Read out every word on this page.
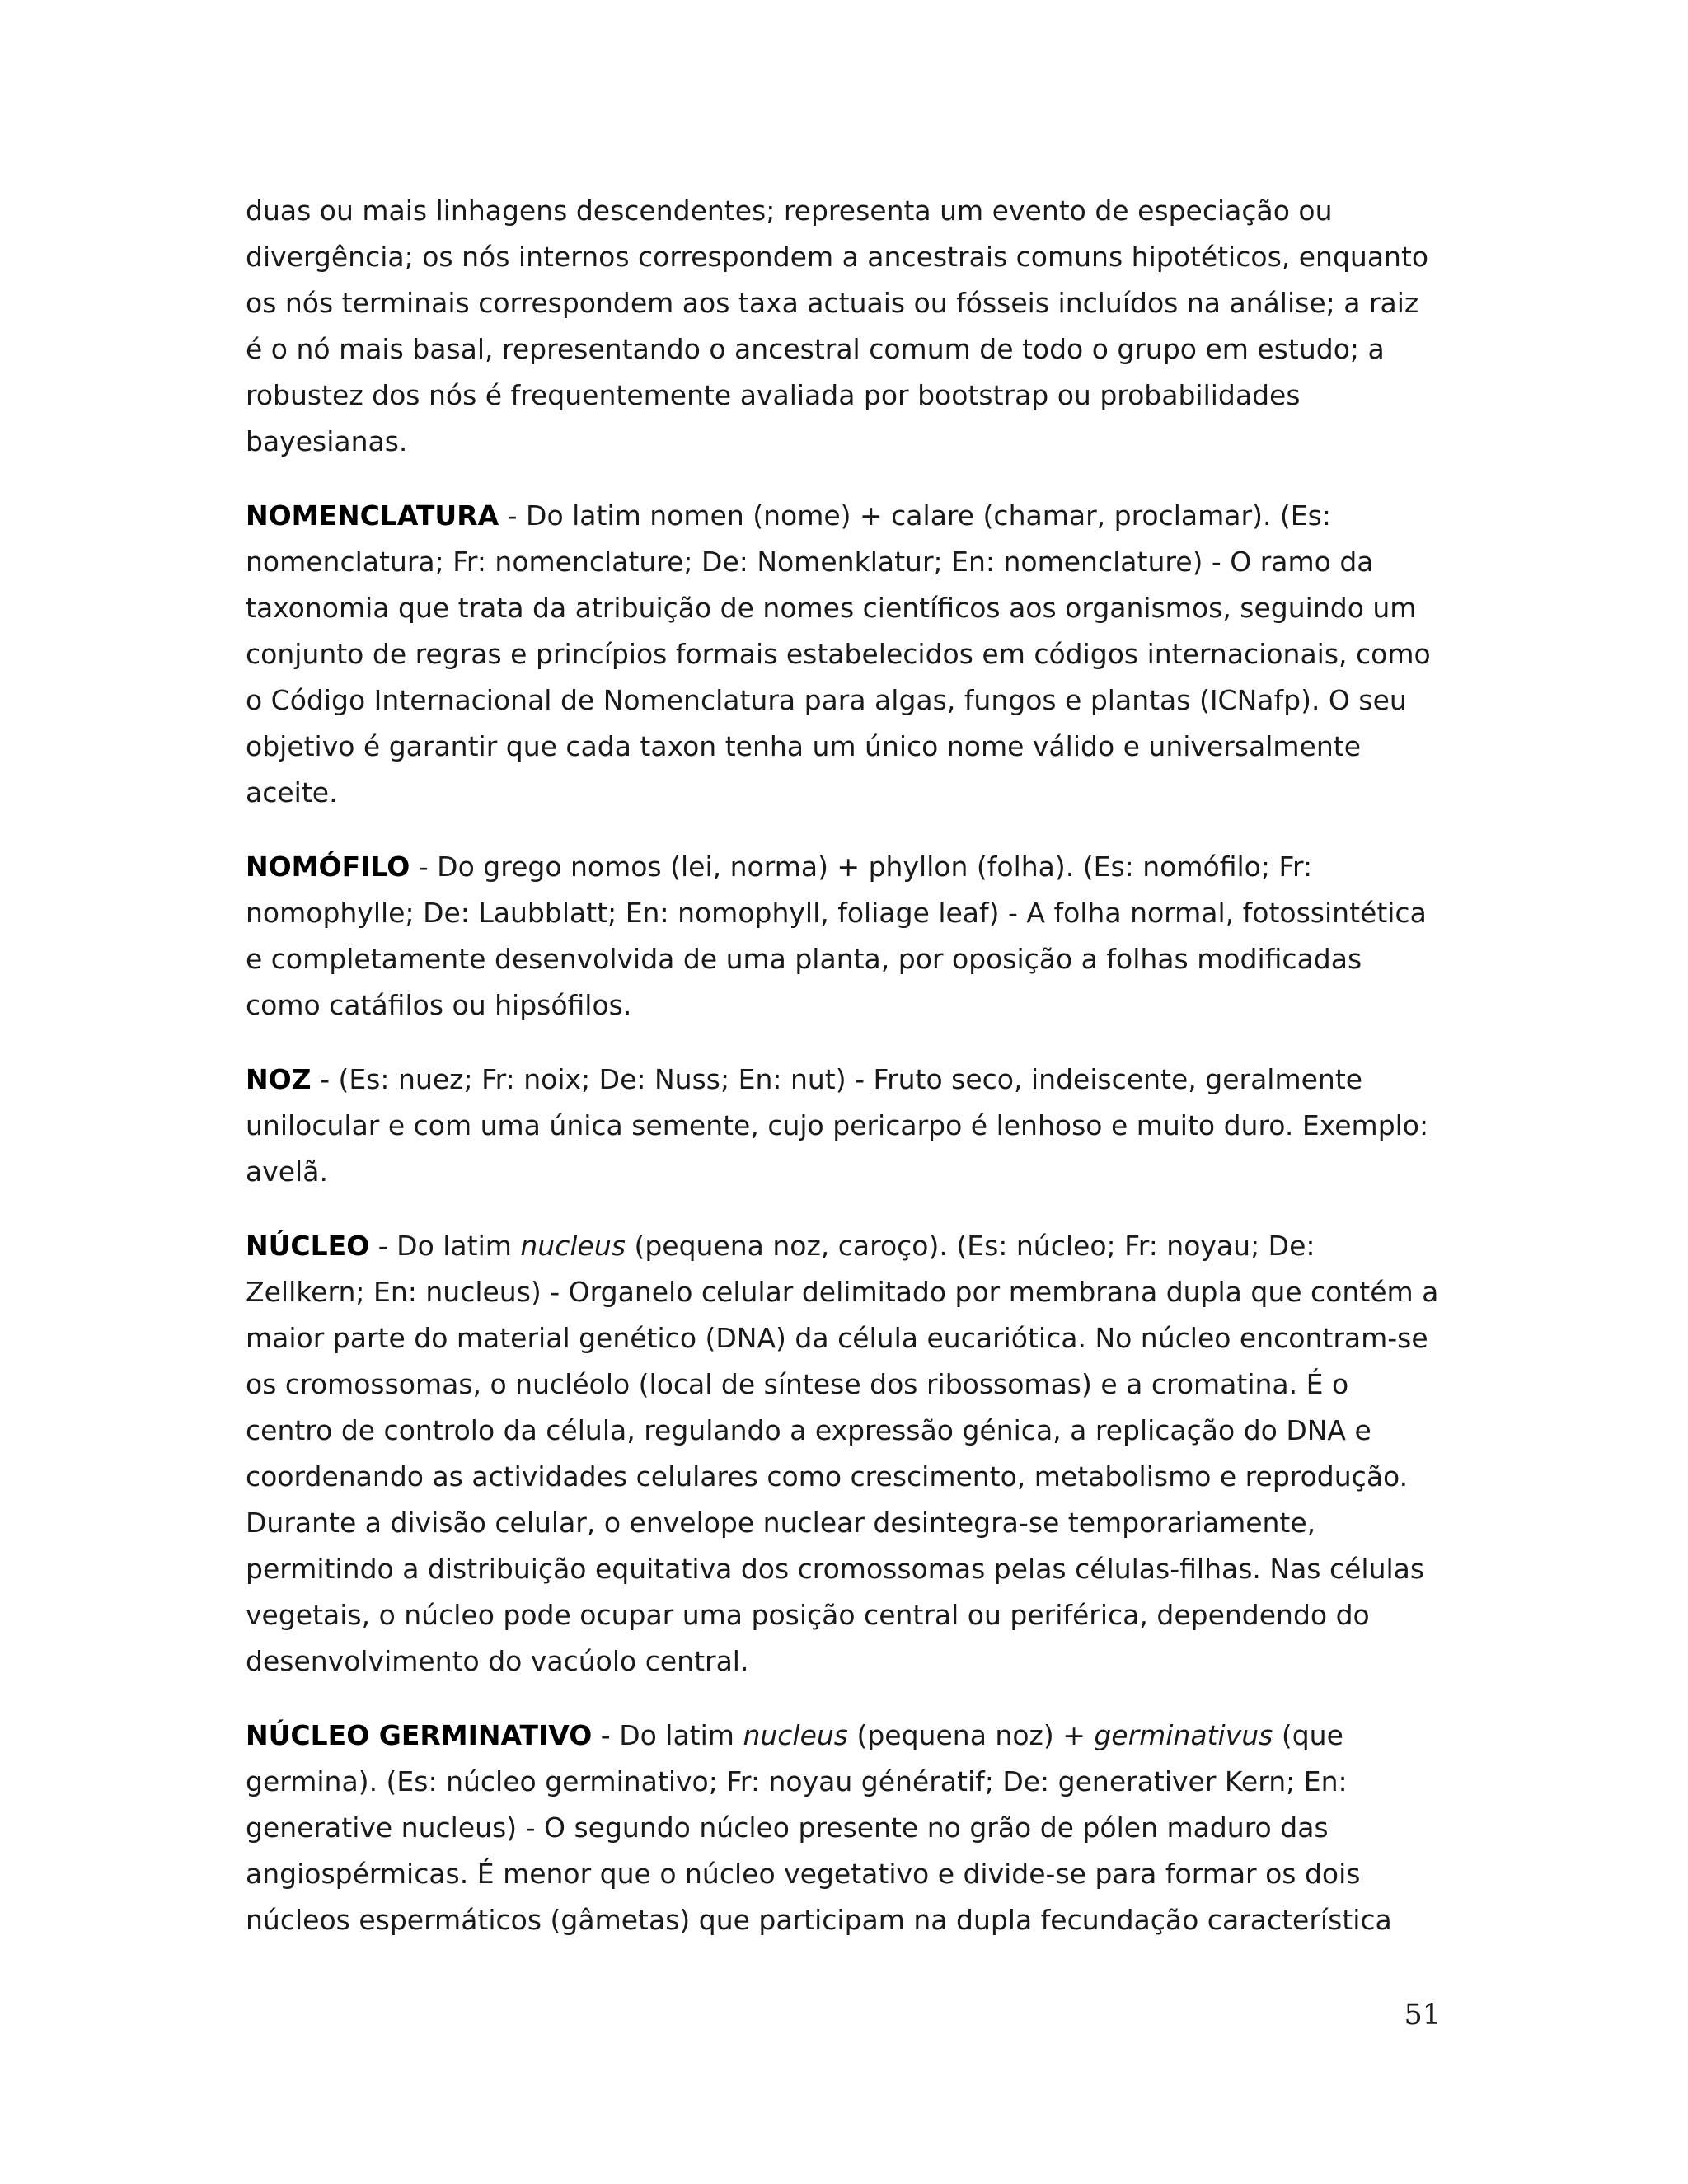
duas ou mais linhagens descendentes; representa um evento de especiação ou divergência; os nós internos correspondem a ancestrais comuns hipotéticos, enquanto os nós terminais correspondem aos taxa actuais ou fósseis incluídos na análise; a raiz é o nó mais basal, representando o ancestral comum de todo o grupo em estudo; a robustez dos nós é frequentemente avaliada por bootstrap ou probabilidades bayesianas.

NOMENCLATURA - Do latim nomen (nome) + calare (chamar, proclamar). (Es: nomenclatura; Fr: nomenclature; De: Nomenklatur; En: nomenclature) - O ramo da taxonomia que trata da atribuição de nomes científicos aos organismos, seguindo um conjunto de regras e princípios formais estabelecidos em códigos internacionais, como o Código Internacional de Nomenclatura para algas, fungos e plantas (ICNafp). O seu objetivo é garantir que cada taxon tenha um único nome válido e universalmente aceite.

NOMÓFILO - Do grego nomos (lei, norma) + phyllon (folha). (Es: nomófilo; Fr: nomophylle; De: Laubblatt; En: nomophyll, foliage leaf) - A folha normal, fotossintética e completamente desenvolvida de uma planta, por oposição a folhas modificadas como catáfilos ou hipsófilos.

NOZ - (Es: nuez; Fr: noix; De: Nuss; En: nut) - Fruto seco, indeiscente, geralmente unilocular e com uma única semente, cujo pericarpo é lenhoso e muito duro. Exemplo: avelã.

NÚCLEO - Do latim nucleus (pequena noz, caroço). (Es: núcleo; Fr: noyau; De: Zellkern; En: nucleus) - Organelo celular delimitado por membrana dupla que contém a maior parte do material genético (DNA) da célula eucariótica. No núcleo encontram-se os cromossomas, o nucléolo (local de síntese dos ribossomas) e a cromatina. É o centro de controlo da célula, regulando a expressão génica, a replicação do DNA e coordenando as actividades celulares como crescimento, metabolismo e reprodução. Durante a divisão celular, o envelope nuclear desintegra-se temporariamente, permitindo a distribuição equitativa dos cromossomas pelas células-filhas. Nas células vegetais, o núcleo pode ocupar uma posição central ou periférica, dependendo do desenvolvimento do vacúolo central.

NÚCLEO GERMINATIVO - Do latim nucleus (pequena noz) + germinativus (que germina). (Es: núcleo germinativo; Fr: noyau génératif; De: generativer Kern; En: generative nucleus) - O segundo núcleo presente no grão de pólen maduro das angiospérmicas. É menor que o núcleo vegetativo e divide-se para formar os dois núcleos espermáticos (gâmetas) que participam na dupla fecundação característica

51
